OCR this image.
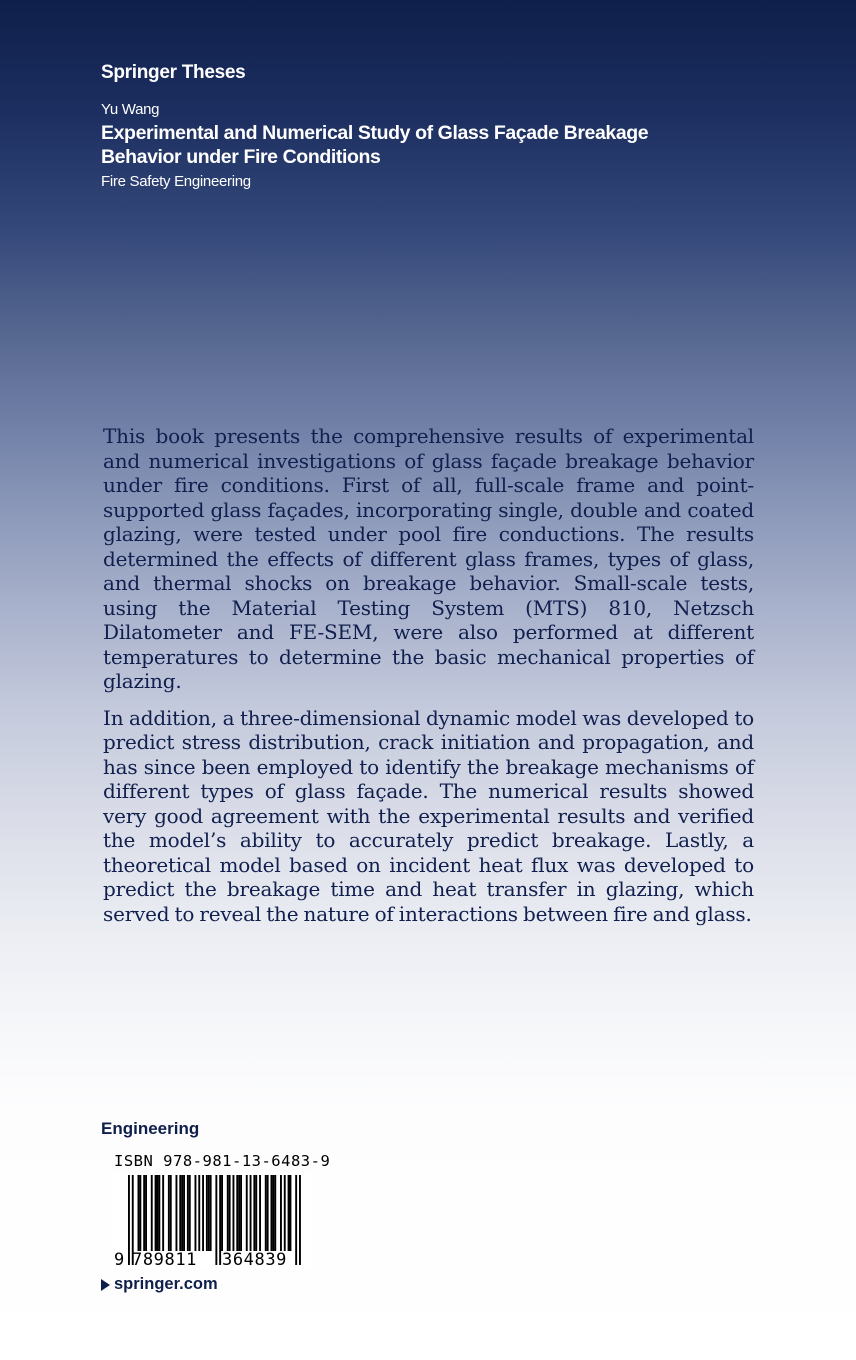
Springer Theses
Yu Wang
Experimental and Numerical Study of Glass Façade Breakage
Behavior under Fire Conditions
Fire Safety Engineering

This book presents the comprehensive results of experimental and numerical investigations of glass façade breakage behavior under fire conditions. First of all, full-scale frame and point-supported glass façades, incorporating single, double and coated glazing, were tested under pool fire conductions. The results determined the effects of different glass frames, types of glass, and thermal shocks on breakage behavior. Small-scale tests, using the Material Testing System (MTS) 810, Netzsch Dilatometer and FE-SEM, were also performed at different temperatures to determine the basic mechanical properties of glazing.

In addition, a three-dimensional dynamic model was developed to predict stress distribution, crack initiation and propagation, and has since been employed to identify the breakage mechanisms of different types of glass façade. The numerical results showed very good agreement with the experimental results and verified the model’s ability to accurately predict breakage. Lastly, a theoretical model based on incident heat flux was developed to predict the breakage time and heat transfer in glazing, which served to reveal the nature of interactions between fire and glass.

Engineering
ISBN 978-981-13-6483-9
9 789811 364839
springer.com
